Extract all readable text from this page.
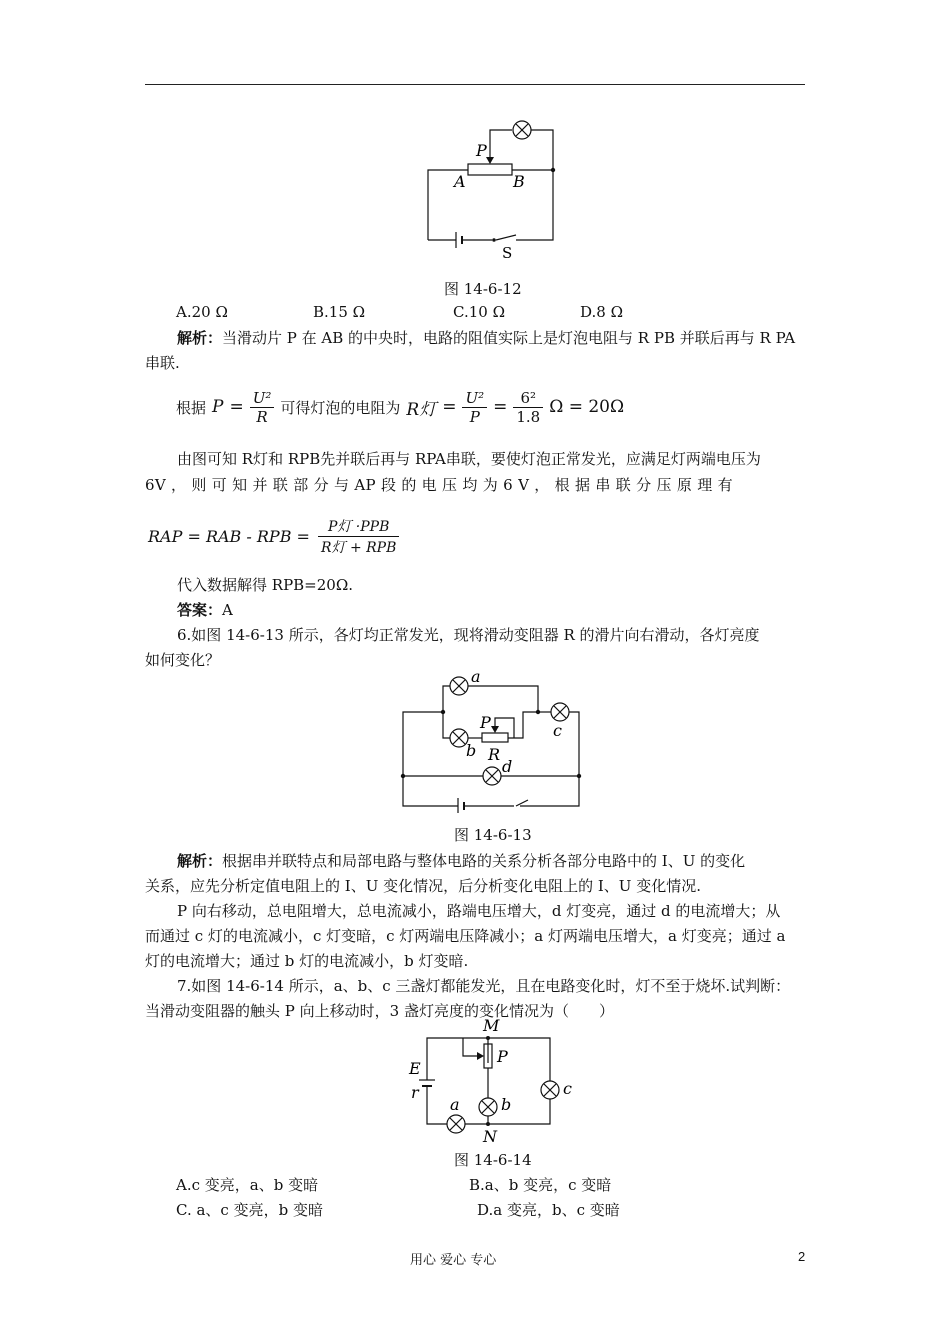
P
A	B
S
图 14-6-12
A.20 Ω	B.15 Ω	C.10 Ω	D.8 Ω
解析：当滑动片 P 在 AB 的中央时，电路的阻值实际上是灯泡电阻与 R PB 并联后再与 R PA
串联.
根据 $P = \frac{\text{U²}}{R}$ 可得灯泡的电阻为 R灯 = $\frac{\text{U²}}{P} = \frac{\text{6²}}{1.8}$ Ω = 20Ω
由图可知 R灯和 RPB先并联后再与 RPA串联，要使灯泡正常发光，应满足灯两端电压为
6V ， 则 可 知 并 联 部 分 与 AP 段 的 电 压 均 为 6 V ， 根 据 串 联 分 压 原 理 有
RAP = RAB - RPB = $\frac{\text{P灯 ·PPB}}{\text{R灯 + RPB}}$
代入数据解得 RPB=20Ω.
答案：A
6.如图 14-6-13 所示，各灯均正常发光，现将滑动变阻器 R 的滑片向右滑动，各灯亮度
如何变化？
a
b
P
R
c
d
图 14-6-13
解析：根据串并联特点和局部电路与整体电路的关系分析各部分电路中的 I、U 的变化
关系，应先分析定值电阻上的 I、U 变化情况，后分析变化电阻上的 I、U 变化情况.
P 向右移动，总电阻增大，总电流减小，路端电压增大，d 灯变亮，通过 d 的电流增大；从
而通过 c 灯的电流减小，c 灯变暗，c 灯两端电压降减小；a 灯两端电压增大，a 灯变亮；通过 a
灯的电流增大；通过 b 灯的电流减小，b 灯变暗.
7.如图 14-6-14 所示，a、b、c 三盏灯都能发光，且在电路变化时，灯不至于烧坏.试判断：
当滑动变阻器的触头 P 向上移动时，3 盏灯亮度的变化情况为（　　）
M
P
E
r
a	b
c
N
图 14-6-14
A.c 变亮，a、b 变暗	B.a、b 变亮，c 变暗
C. a、c 变亮，b 变暗	D.a 变亮，b、c 变暗
用心 爱心 专心	2
